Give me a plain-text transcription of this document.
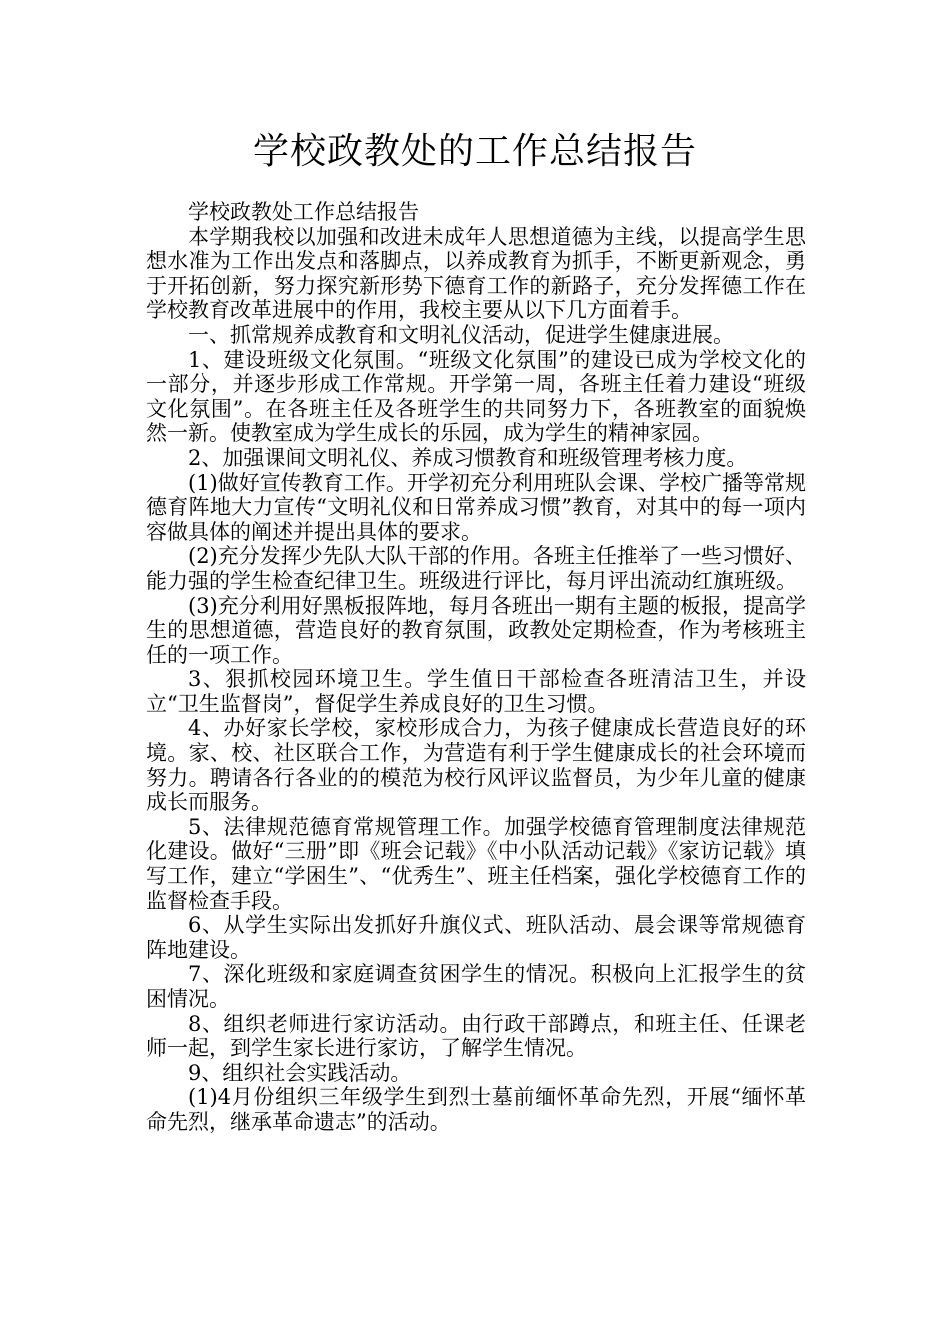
学校政教处的工作总结报告

学校政教处工作总结报告

本学期我校以加强和改进未成年人思想道德为主线，以提高学生思想水准为工作出发点和落脚点，以养成教育为抓手，不断更新观念，勇于开拓创新，努力探究新形势下德育工作的新路子，充分发挥德工作在学校教育改革进展中的作用，我校主要从以下几方面着手。

一、抓常规养成教育和文明礼仪活动，促进学生健康进展。

1、建设班级文化氛围。“班级文化氛围”的建设已成为学校文化的一部分，并逐步形成工作常规。开学第一周，各班主任着力建设“班级文化氛围”。在各班主任及各班学生的共同努力下，各班教室的面貌焕然一新。使教室成为学生成长的乐园，成为学生的精神家园。

2、加强课间文明礼仪、养成习惯教育和班级管理考核力度。

(1)做好宣传教育工作。开学初充分利用班队会课、学校广播等常规德育阵地大力宣传“文明礼仪和日常养成习惯”教育，对其中的每一项内容做具体的阐述并提出具体的要求。

(2)充分发挥少先队大队干部的作用。各班主任推举了一些习惯好、能力强的学生检查纪律卫生。班级进行评比，每月评出流动红旗班级。

(3)充分利用好黑板报阵地，每月各班出一期有主题的板报，提高学生的思想道德，营造良好的教育氛围，政教处定期检查，作为考核班主任的一项工作。

3、狠抓校园环境卫生。学生值日干部检查各班清洁卫生，并设立“卫生监督岗”，督促学生养成良好的卫生习惯。

4、办好家长学校，家校形成合力，为孩子健康成长营造良好的环境。家、校、社区联合工作，为营造有利于学生健康成长的社会环境而努力。聘请各行各业的的模范为校行风评议监督员，为少年儿童的健康成长而服务。

5、法律规范德育常规管理工作。加强学校德育管理制度法律规范化建设。做好“三册”即《班会记载》《中小队活动记载》《家访记载》填写工作，建立“学困生”、“优秀生”、班主任档案，强化学校德育工作的监督检查手段。

6、从学生实际出发抓好升旗仪式、班队活动、晨会课等常规德育阵地建设。

7、深化班级和家庭调查贫困学生的情况。积极向上汇报学生的贫困情况。

8、组织老师进行家访活动。由行政干部蹲点，和班主任、任课老师一起，到学生家长进行家访，了解学生情况。

9、组织社会实践活动。

(1)4月份组织三年级学生到烈士墓前缅怀革命先烈，开展“缅怀革命先烈，继承革命遗志”的活动。
